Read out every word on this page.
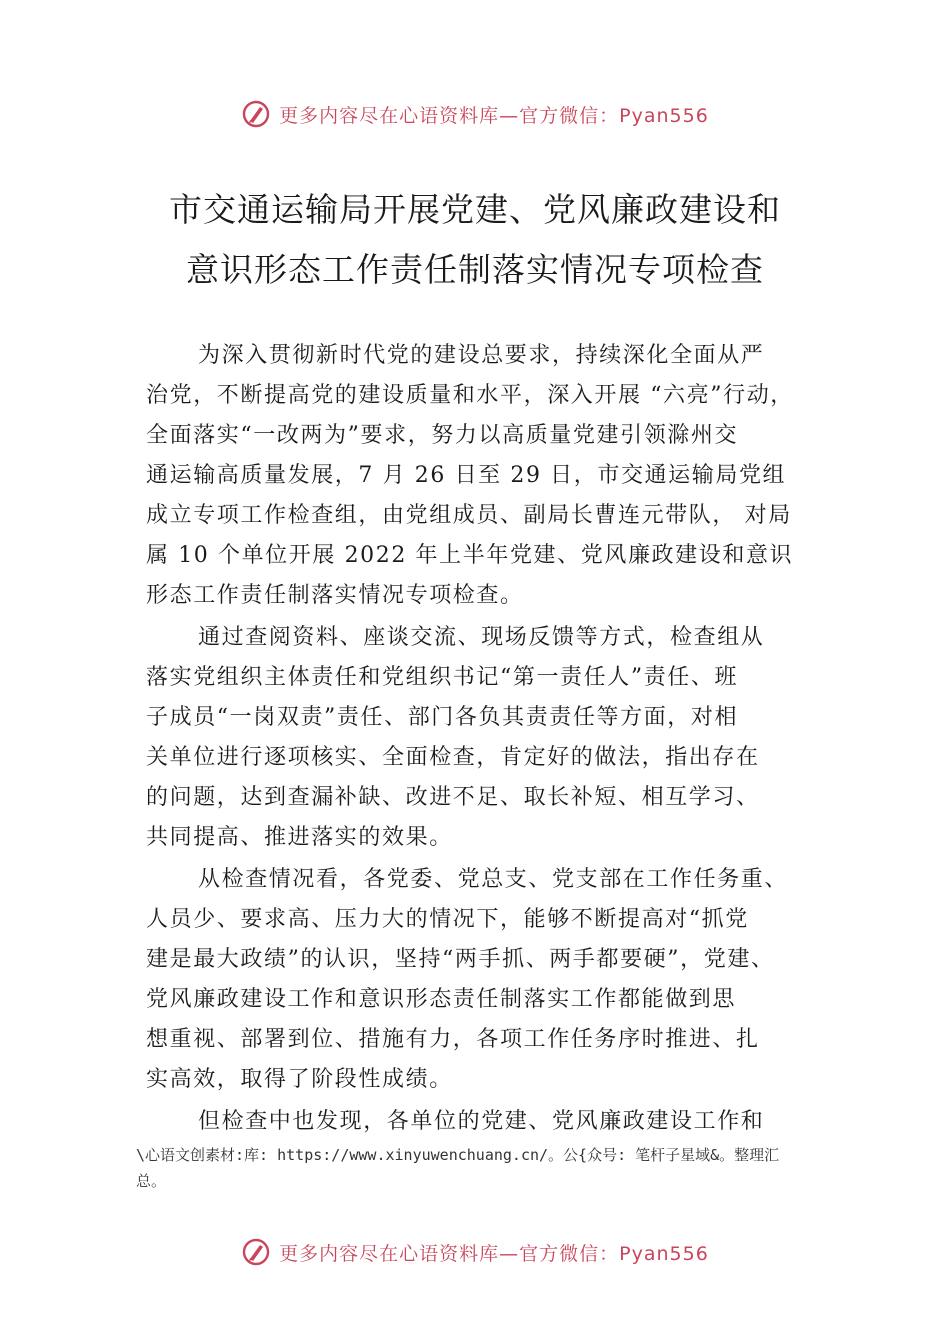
更多内容尽在心语资料库—官方微信：Pyan556
市交通运输局开展党建、党风廉政建设和
意识形态工作责任制落实情况专项检查
为深入贯彻新时代党的建设总要求，持续深化全面从严
治党，不断提高党的建设质量和水平，深入开展 “六亮”行动，
全面落实“一改两为”要求，努力以高质量党建引领滁州交
通运输高质量发展，7 月 26 日至 29 日，市交通运输局党组
成立专项工作检查组，由党组成员、副局长曹连元带队， 对局
属 10 个单位开展 2022 年上半年党建、党风廉政建设和意识
形态工作责任制落实情况专项检查。
通过查阅资料、座谈交流、现场反馈等方式，检查组从
落实党组织主体责任和党组织书记“第一责任人”责任、班
子成员“一岗双责”责任、部门各负其责责任等方面，对相
关单位进行逐项核实、全面检查，肯定好的做法，指出存在
的问题，达到查漏补缺、改进不足、取长补短、相互学习、
共同提高、推进落实的效果。
从检查情况看，各党委、党总支、党支部在工作任务重、
人员少、要求高、压力大的情况下，能够不断提高对“抓党
建是最大政绩”的认识，坚持“两手抓、两手都要硬”，党建、
党风廉政建设工作和意识形态责任制落实工作都能做到思
想重视、部署到位、措施有力，各项工作任务序时推进、扎
实高效，取得了阶段性成绩。
但检查中也发现，各单位的党建、党风廉政建设工作和
\心语文创素材:库: https://www.xinyuwenchuang.cn/。公{众号: 笔杆子星域&。整理汇
总。
更多内容尽在心语资料库—官方微信：Pyan556
